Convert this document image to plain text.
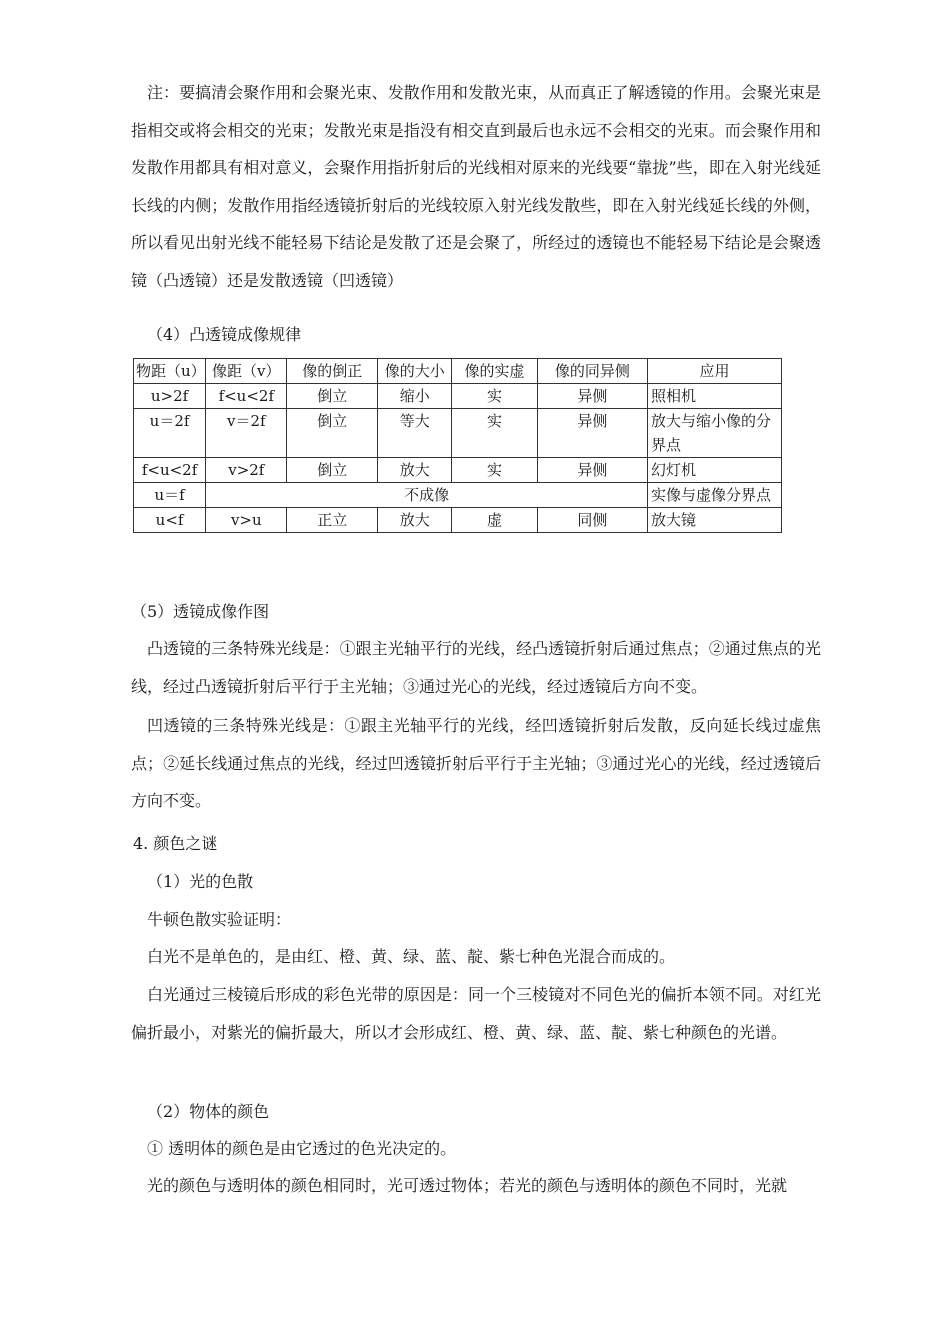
注：要搞清会聚作用和会聚光束、发散作用和发散光束，从而真正了解透镜的作用。会聚光束是指相交或将会相交的光束；发散光束是指没有相交直到最后也永远不会相交的光束。而会聚作用和发散作用都具有相对意义，会聚作用指折射后的光线相对原来的光线要“靠拢”些，即在入射光线延长线的内侧；发散作用指经透镜折射后的光线较原入射光线发散些，即在入射光线延长线的外侧，所以看见出射光线不能轻易下结论是发散了还是会聚了，所经过的透镜也不能轻易下结论是会聚透镜（凸透镜）还是发散透镜（凹透镜）

（4）凸透镜成像规律

物距（u）	像距（v）	像的倒正	像的大小	像的实虚	像的同异侧	应用
u>2f	f<u<2f	倒立	缩小	实	异侧	照相机
u＝2f	v＝2f	倒立	等大	实	异侧	放大与缩小像的分界点
f<u<2f	v>2f	倒立	放大	实	异侧	幻灯机
u＝f	不成像					实像与虚像分界点
u<f	v>u	正立	放大	虚	同侧	放大镜

（5）透镜成像作图

凸透镜的三条特殊光线是：①跟主光轴平行的光线，经凸透镜折射后通过焦点；②通过焦点的光线，经过凸透镜折射后平行于主光轴；③通过光心的光线，经过透镜后方向不变。

凹透镜的三条特殊光线是：①跟主光轴平行的光线，经凹透镜折射后发散，反向延长线过虚焦点；②延长线通过焦点的光线，经过凹透镜折射后平行于主光轴；③通过光心的光线，经过透镜后方向不变。

4. 颜色之谜

（1）光的色散

牛顿色散实验证明：

白光不是单色的，是由红、橙、黄、绿、蓝、靛、紫七种色光混合而成的。

白光通过三棱镜后形成的彩色光带的原因是：同一个三棱镜对不同色光的偏折本领不同。对红光偏折最小，对紫光的偏折最大，所以才会形成红、橙、黄、绿、蓝、靛、紫七种颜色的光谱。

（2）物体的颜色

① 透明体的颜色是由它透过的色光决定的。

光的颜色与透明体的颜色相同时，光可透过物体；若光的颜色与透明体的颜色不同时，光就
